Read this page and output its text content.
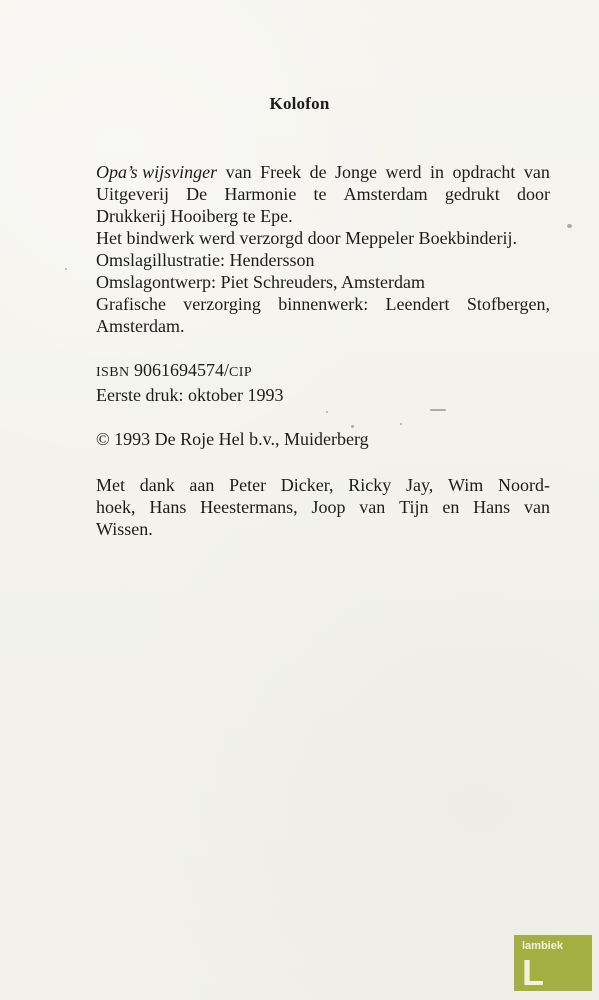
Kolofon
Opa’s wijsvinger van Freek de Jonge werd in opdracht van
Uitgeverij De Harmonie te Amsterdam gedrukt door
Drukkerij Hooiberg te Epe.
Het bindwerk werd verzorgd door Meppeler Boekbinderij.
Omslagillustratie: Hendersson
Omslagontwerp: Piet Schreuders, Amsterdam
Grafische verzorging binnenwerk: Leendert Stofbergen,
Amsterdam.
ISBN 9061694574/CIP
Eerste druk: oktober 1993
© 1993 De Roje Hel b.v., Muiderberg
Met dank aan Peter Dicker, Ricky Jay, Wim Noord-
hoek, Hans Heestermans, Joop van Tijn en Hans van
Wissen.
lambiek
L
